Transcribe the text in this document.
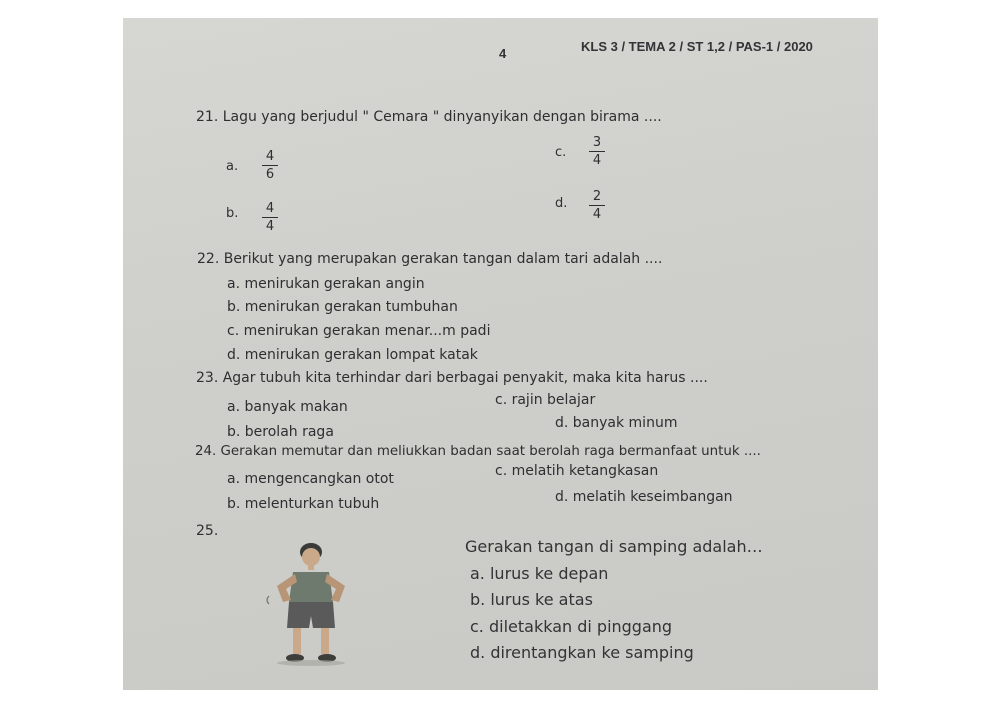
4	KLS 3 / TEMA 2 / ST 1,2 / PAS-1 / 2020
21. Lagu yang berjudul " Cemara " dinyanyikan dengan birama ....
a. $\frac{4}{6}$
b. $\frac{4}{4}$
c. $\frac{3}{4}$
d. $\frac{2}{4}$
22. Berikut yang merupakan gerakan tangan dalam tari adalah ....
a. menirukan gerakan angin
b. menirukan gerakan tumbuhan
c. menirukan gerakan menar...m padi
d. menirukan gerakan lompat katak
23. Agar tubuh kita terhindar dari berbagai penyakit, maka kita harus ....
a. banyak makan
b. berolah raga
c. rajin belajar
d. banyak minum
24. Gerakan memutar dan meliukkan badan saat berolah raga bermanfaat untuk ....
a. mengencangkan otot
b. melenturkan tubuh
c. melatih ketangkasan
d. melatih keseimbangan
25.
Gerakan tangan di samping adalah…
a. lurus ke depan
b. lurus ke atas
c. diletakkan di pinggang
d. direntangkan ke samping
